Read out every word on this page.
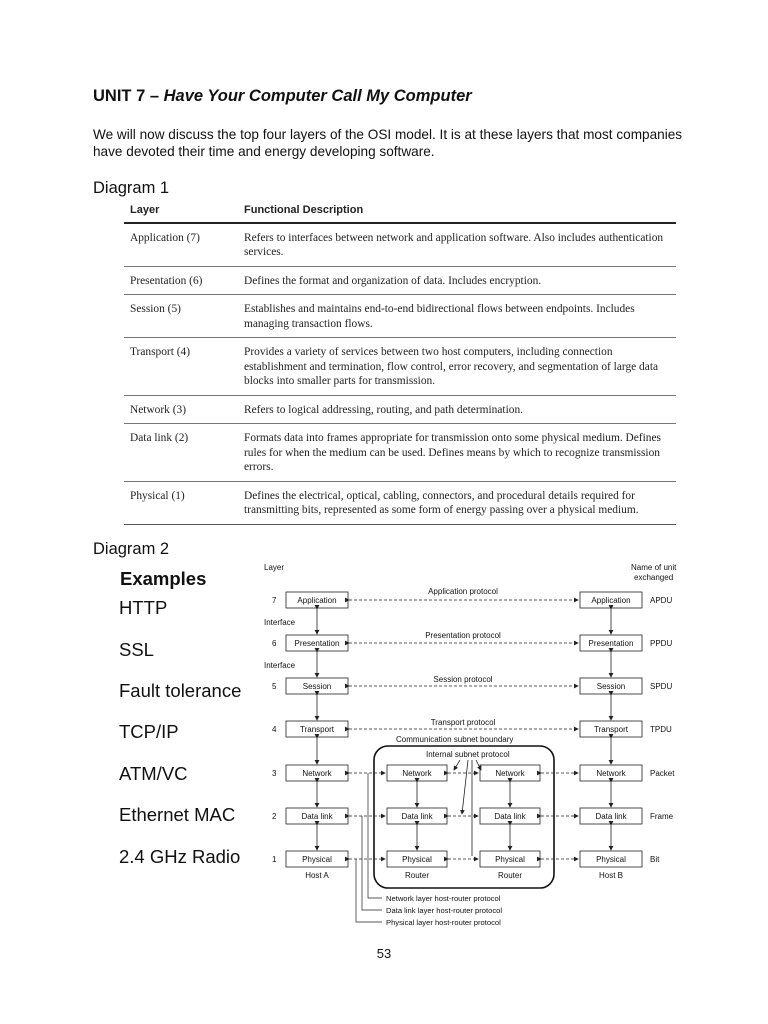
UNIT 7 – Have Your Computer Call My Computer
We will now discuss the top four layers of the OSI model. It is at these layers that most companies have devoted their time and energy developing software.
Diagram 1
Layer	Functional Description
Application (7)	Refers to interfaces between network and application software. Also includes authentication services.
Presentation (6)	Defines the format and organization of data. Includes encryption.
Session (5)	Establishes and maintains end-to-end bidirectional flows between endpoints. Includes managing transaction flows.
Transport (4)	Provides a variety of services between two host computers, including connection establishment and termination, flow control, error recovery, and segmentation of large data blocks into smaller parts for transmission.
Network (3)	Refers to logical addressing, routing, and path determination.
Data link (2)	Formats data into frames appropriate for transmission onto some physical medium. Defines rules for when the medium can be used. Defines means by which to recognize transmission errors.
Physical (1)	Defines the electrical, optical, cabling, connectors, and procedural details required for transmitting bits, represented as some form of energy passing over a physical medium.
Diagram 2
Examples
HTTP
SSL
Fault tolerance
TCP/IP
ATM/VC
Ethernet MAC
2.4 GHz Radio
Layer	Name of unit
exchanged
Communication subnet boundary
Internal subnet protocol
Application
Presentation
Session
Transport
Network
Data link
Physical
7
6
5
4
3
2
1
Interface
Interface
Application
Presentation
Session
Transport
Network
Data link
Physical
APDU
PPDU
SPDU
TPDU
Packet
Frame
Bit
Network
Data link
Physical
Network
Data link
Physical
Host A	Router	Router	Host B
Application protocol
Presentation protocol
Session protocol
Transport protocol
Network layer host-router protocol
Data link layer host-router protocol
Physical layer host-router protocol
53
